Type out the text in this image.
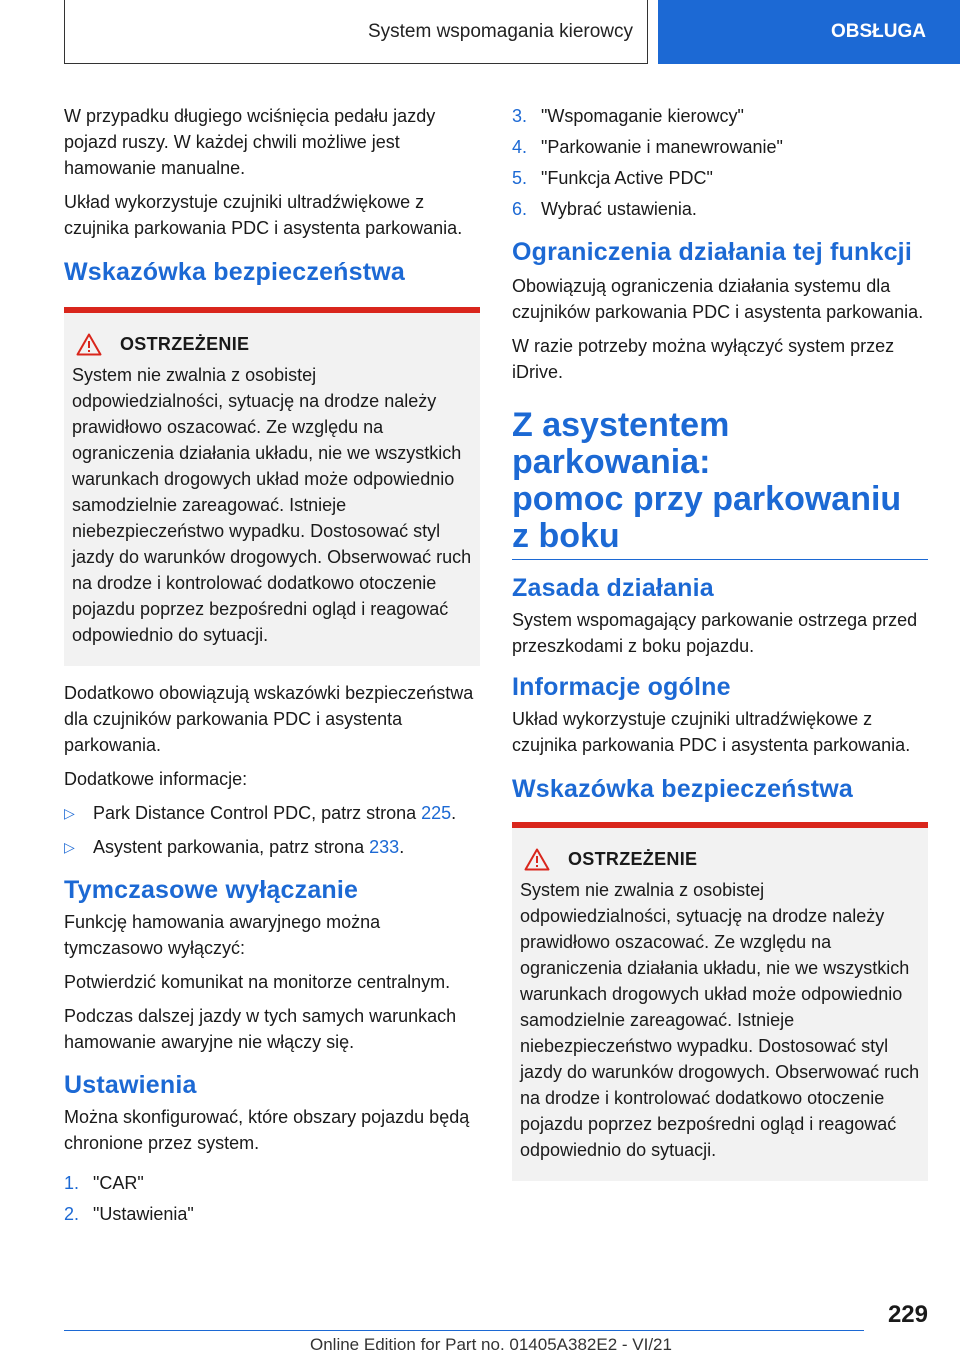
System wspomagania kierowcy	OBSŁUGA

W przypadku długiego wciśnięcia pedału jazdy pojazd ruszy. W każdej chwili możliwe jest hamowanie manualne.

Układ wykorzystuje czujniki ultradźwiękowe z czujnika parkowania PDC i asystenta parkowania.

Wskazówka bezpieczeństwa
OSTRZEŻENIE

System nie zwalnia z osobistej odpowiedzialności, sytuację na drodze należy prawidłowo oszacować. Ze względu na ograniczenia działania układu, nie we wszystkich warunkach drogowych układ może odpowiednio samodzielnie zareagować. Istnieje niebezpieczeństwo wypadku. Dostosować styl jazdy do warunków drogowych. Obserwować ruch na drodze i kontrolować dodatkowo otoczenie pojazdu poprzez bezpośredni ogląd i reagować odpowiednio do sytuacji.

Dodatkowo obowiązują wskazówki bezpieczeństwa dla czujników parkowania PDC i asystenta parkowania.

Dodatkowe informacje:

▷	Park Distance Control PDC, patrz strona 225.
▷	Asystent parkowania, patrz strona 233.
Tymczasowe wyłączanie

Funkcję hamowania awaryjnego można tymczasowo wyłączyć:

Potwierdzić komunikat na monitorze centralnym.

Podczas dalszej jazdy w tych samych warunkach hamowanie awaryjne nie włączy się.

Ustawienia

Można skonfigurować, które obszary pojazdu będą chronione przez system.

1. "CAR"
2. "Ustawienia"
3. "Wspomaganie kierowcy"
4. "Parkowanie i manewrowanie"
5. "Funkcja Active PDC"
6. Wybrać ustawienia.
Ograniczenia działania tej funkcji

Obowiązują ograniczenia działania systemu dla czujników parkowania PDC i asystenta parkowania.

W razie potrzeby można wyłączyć system przez iDrive.

Z asystentem parkowania:
pomoc przy parkowaniu
z boku
Zasada działania

System wspomagający parkowanie ostrzega przed przeszkodami z boku pojazdu.

Informacje ogólne

Układ wykorzystuje czujniki ultradźwiękowe z czujnika parkowania PDC i asystenta parkowania.

Wskazówka bezpieczeństwa
OSTRZEŻENIE

System nie zwalnia z osobistej odpowiedzialności, sytuację na drodze należy prawidłowo oszacować. Ze względu na ograniczenia działania układu, nie we wszystkich warunkach drogowych układ może odpowiednio samodzielnie zareagować. Istnieje niebezpieczeństwo wypadku. Dostosować styl jazdy do warunków drogowych. Obserwować ruch na drodze i kontrolować dodatkowo otoczenie pojazdu poprzez bezpośredni ogląd i reagować odpowiednio do sytuacji.

229
Online Edition for Part no. 01405A382E2 - VI/21
